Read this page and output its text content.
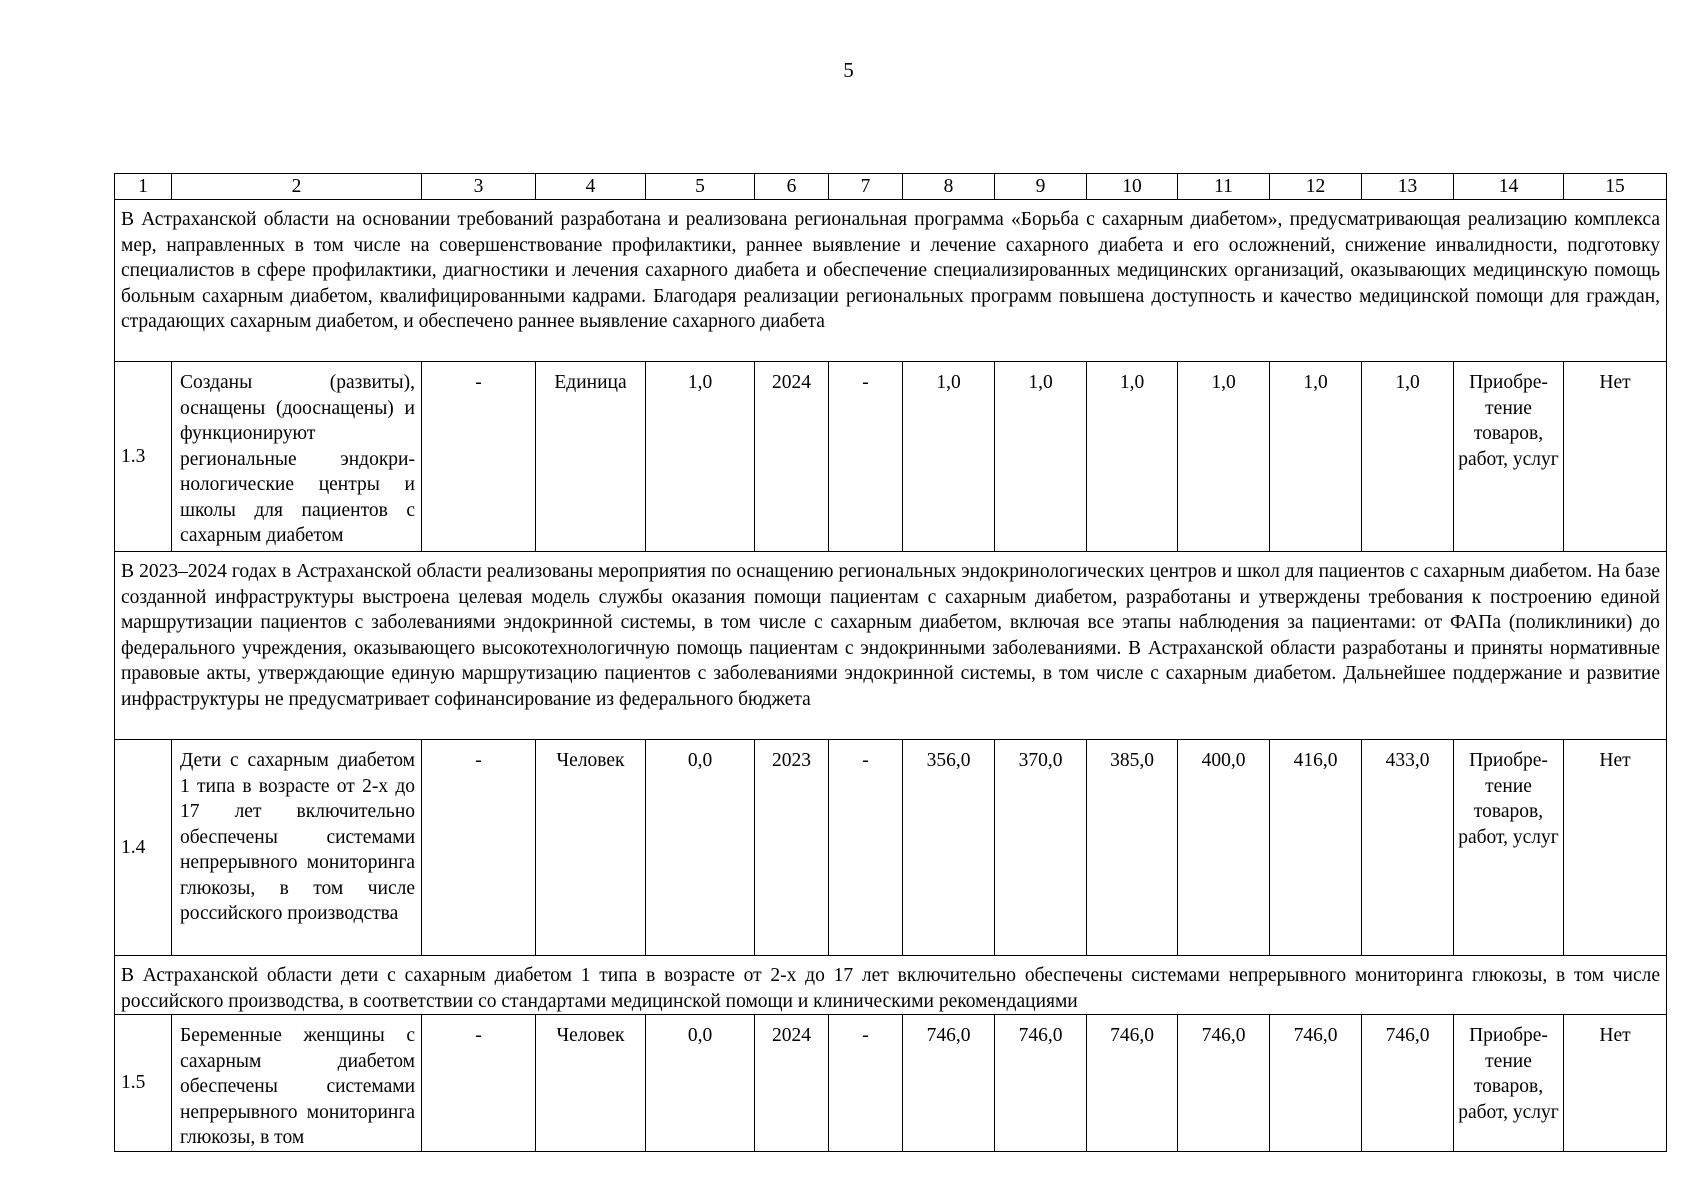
5
1	2	3	4	5	6	7	8	9	10	11	12	13	14	15
В Астраханской области на основании требований разработана и реализована региональная программа «Борьба с сахарным диабетом», предусматривающая реализацию комплекса мер, направленных в том числе на совершенствование профилактики, раннее выявление и лечение сахарного диабета и его осложнений, снижение инвалидности, подготовку специалистов в сфере профилактики, диагностики и лечения сахарного диабета и обеспечение специализированных медицинских организаций, оказывающих медицинскую помощь больным сахарным диабетом, квалифицированными кадрами. Благодаря реализации региональных программ повышена доступность и качество медицинской помощи для граждан, страдающих сахарным диабетом, и обеспечено раннее выявление сахарного диабета														
1.3	Созданы (развиты), оснащены (дооснащены) и функционируют региональные эндокринологические центры и школы для пациентов с сахарным диабетом	-	Единица	1,0	2024	-	1,0	1,0	1,0	1,0	1,0	1,0	Приобретение товаров, работ, услуг	Нет
В 2023–2024 годах в Астраханской области реализованы мероприятия по оснащению региональных эндокринологических центров и школ для пациентов с сахарным диабетом. На базе созданной инфраструктуры выстроена целевая модель службы оказания помощи пациентам с сахарным диабетом, разработаны и утверждены требования к построению единой маршрутизации пациентов с заболеваниями эндокринной системы, в том числе с сахарным диабетом, включая все этапы наблюдения за пациентами: от ФАПа (поликлиники) до федерального учреждения, оказывающего высокотехнологичную помощь пациентам с эндокринными заболеваниями. В Астраханской области разработаны и приняты нормативные правовые акты, утверждающие единую маршрутизацию пациентов с заболеваниями эндокринной системы, в том числе с сахарным диабетом. Дальнейшее поддержание и развитие инфраструктуры не предусматривает софинансирование из федерального бюджета														
1.4	Дети с сахарным диабетом 1 типа в возрасте от 2-х до 17 лет включительно обеспечены системами непрерывного мониторинга глюкозы, в том числе российского производства	-	Человек	0,0	2023	-	356,0	370,0	385,0	400,0	416,0	433,0	Приобретение товаров, работ, услуг	Нет
В Астраханской области дети с сахарным диабетом 1 типа в возрасте от 2-х до 17 лет включительно обеспечены системами непрерывного мониторинга глюкозы, в том числе российского производства, в соответствии со стандартами медицинской помощи и клиническими рекомендациями														
1.5	Беременные женщины с сахарным диабетом обеспечены системами непрерывного мониторинга глюкозы, в том	-	Человек	0,0	2024	-	746,0	746,0	746,0	746,0	746,0	746,0	Приобретение товаров, работ, услуг	Нет
